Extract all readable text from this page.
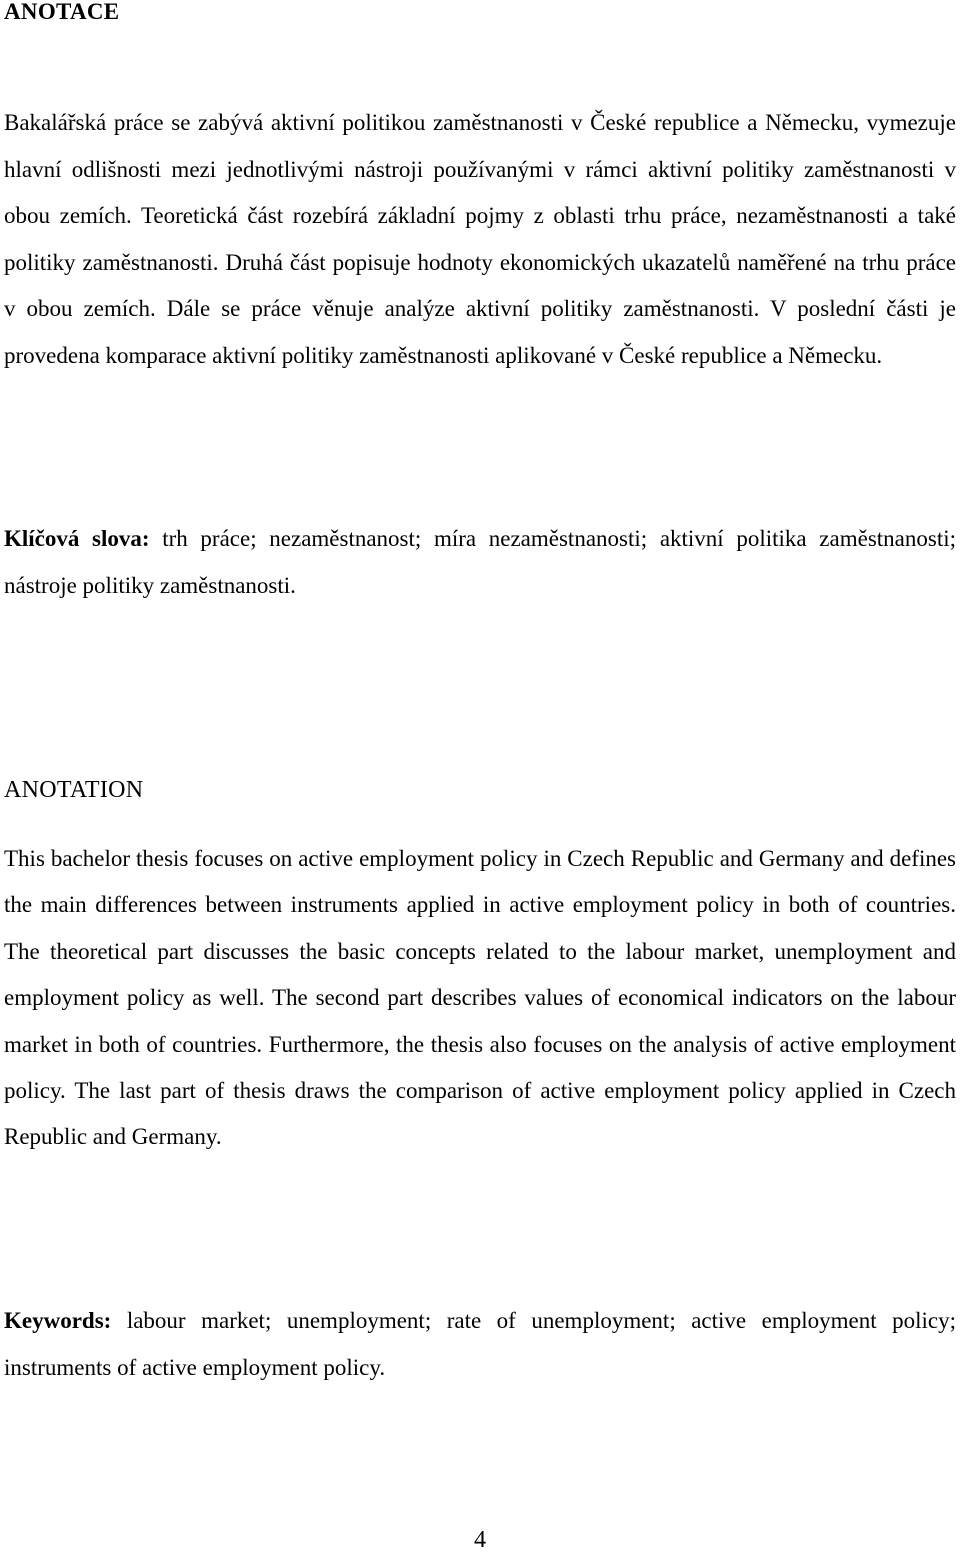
ANOTACE

Bakalářská práce se zabývá aktivní politikou zaměstnanosti v České republice a Německu, vymezuje hlavní odlišnosti mezi jednotlivými nástroji používanými v rámci aktivní politiky zaměstnanosti v obou zemích. Teoretická část rozebírá základní pojmy z oblasti trhu práce, nezaměstnanosti a také politiky zaměstnanosti. Druhá část popisuje hodnoty ekonomických ukazatelů naměřené na trhu práce v obou zemích. Dále se práce věnuje analýze aktivní politiky zaměstnanosti. V poslední části je provedena komparace aktivní politiky zaměstnanosti aplikované v České republice a Německu.

Klíčová slova: trh práce; nezaměstnanost; míra nezaměstnanosti; aktivní politika zaměstnanosti; nástroje politiky zaměstnanosti.

ANOTATION

This bachelor thesis focuses on active employment policy in Czech Republic and Germany and defines the main differences between instruments applied in active employment policy in both of countries. The theoretical part discusses the basic concepts related to the labour market, unemployment and employment policy as well. The second part describes values of economical indicators on the labour market in both of countries. Furthermore, the thesis also focuses on the analysis of active employment policy. The last part of thesis draws the comparison of active employment policy applied in Czech Republic and Germany.

Keywords: labour market; unemployment; rate of unemployment; active employment policy; instruments of active employment policy.

4
